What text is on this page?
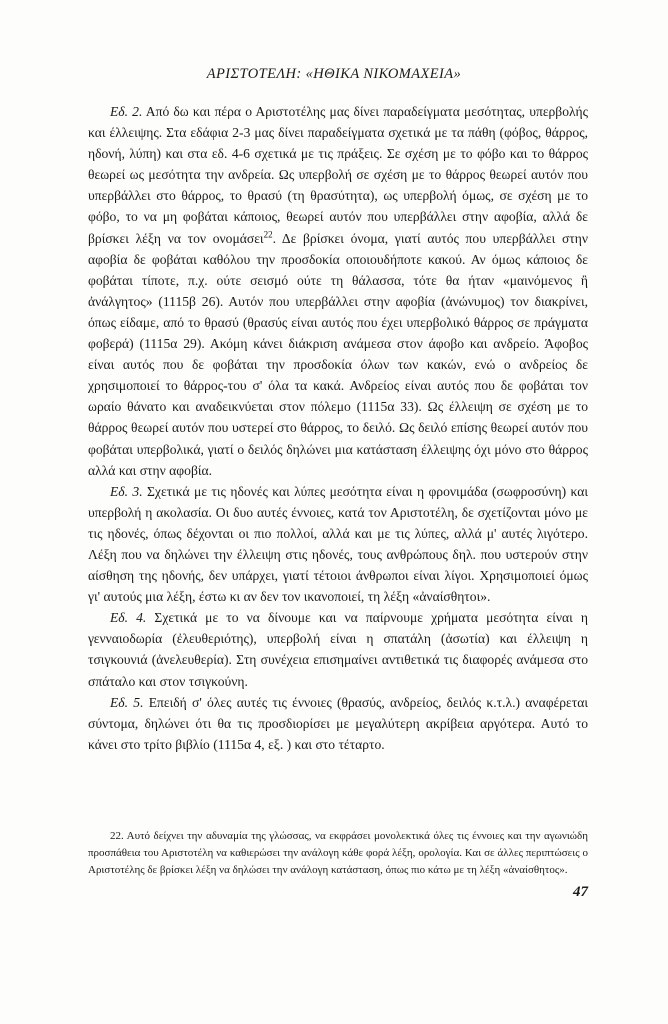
ΑΡΙΣΤΟΤΕΛΗ: «ΗΘΙΚΑ ΝΙΚΟΜΑΧΕΙΑ»

Εδ. 2. Από δω και πέρα ο Αριστοτέλης μας δίνει παραδείγματα μεσότητας, υπερβολής και έλλειψης. Στα εδάφια 2-3 μας δίνει παραδείγματα σχετικά με τα πάθη (φόβος, θάρρος, ηδονή, λύπη) και στα εδ. 4-6 σχετικά με τις πράξεις. Σε σχέση με το φόβο και το θάρρος θεωρεί ως μεσότητα την ανδρεία. Ως υπερβολή σε σχέση με το θάρρος θεωρεί αυτόν που υπερβάλλει στο θάρρος, το θρασύ (τη θρασύτητα), ως υπερβολή όμως, σε σχέση με το φόβο, το να μη φοβάται κάποιος, θεωρεί αυτόν που υπερβάλλει στην αφοβία, αλλά δε βρίσκει λέξη να τον ονομάσει$^{22}$. Δε βρίσκει όνομα, γιατί αυτός που υπερβάλλει στην αφοβία δε φοβάται καθόλου την προσδοκία οποιουδήποτε κακού. Αν όμως κάποιος δε φοβάται τίποτε, π.χ. ούτε σεισμό ούτε τη θάλασσα, τότε θα ήταν «μαινόμενος ἢ ἀνάλγητος» (1115β 26). Αυτόν που υπερβάλλει στην αφοβία (ἀνώνυμος) τον διακρίνει, όπως είδαμε, από το θρασύ (θρασύς είναι αυτός που έχει υπερβολικό θάρρος σε πράγματα φοβερά) (1115α 29). Ακόμη κάνει διάκριση ανάμεσα στον άφοβο και ανδρείο. Άφοβος είναι αυτός που δε φοβάται την προσδοκία όλων των κακών, ενώ ο ανδρείος δε χρησιμοποιεί το θάρρος-του σ' όλα τα κακά. Ανδρείος είναι αυτός που δε φοβάται τον ωραίο θάνατο και αναδεικνύεται στον πόλεμο (1115α 33). Ως έλλειψη σε σχέση με το θάρρος θεωρεί αυτόν που υστερεί στο θάρρος, το δειλό. Ως δειλό επίσης θεωρεί αυτόν που φοβάται υπερβολικά, γιατί ο δειλός δηλώνει μια κατάσταση έλλειψης όχι μόνο στο θάρρος αλλά και στην αφοβία.

Εδ. 3. Σχετικά με τις ηδονές και λύπες μεσότητα είναι η φρονιμάδα (σωφροσύνη) και υπερβολή η ακολασία. Οι δυο αυτές έννοιες, κατά τον Αριστοτέλη, δε σχετίζονται μόνο με τις ηδονές, όπως δέχονται οι πιο πολλοί, αλλά και με τις λύπες, αλλά μ' αυτές λιγότερο. Λέξη που να δηλώνει την έλλειψη στις ηδονές, τους ανθρώπους δηλ. που υστερούν στην αίσθηση της ηδονής, δεν υπάρχει, γιατί τέτοιοι άνθρωποι είναι λίγοι. Χρησιμοποιεί όμως γι' αυτούς μια λέξη, έστω κι αν δεν τον ικανοποιεί, τη λέξη «ἀναίσθητοι».

Εδ. 4. Σχετικά με το να δίνουμε και να παίρνουμε χρήματα μεσότητα είναι η γενναιοδωρία (ἐλευθεριότης), υπερβολή είναι η σπατάλη (ἀσωτία) και έλλειψη η τσιγκουνιά (ἀνελευθερία). Στη συνέχεια επισημαίνει αντιθετικά τις διαφορές ανάμεσα στο σπάταλο και στον τσιγκούνη.

Εδ. 5. Επειδή σ' όλες αυτές τις έννοιες (θρασύς, ανδρείος, δειλός κ.τ.λ.) αναφέρεται σύντομα, δηλώνει ότι θα τις προσδιορίσει με μεγαλύτερη ακρίβεια αργότερα. Αυτό το κάνει στο τρίτο βιβλίο (1115α 4, εξ. ) και στο τέταρτο.

22. Αυτό δείχνει την αδυναμία της γλώσσας, να εκφράσει μονολεκτικά όλες τις έννοιες και την αγωνιώδη προσπάθεια του Αριστοτέλη να καθιερώσει την ανάλογη κάθε φορά λέξη, ορολογία. Και σε άλλες περιπτώσεις ο Αριστοτέλης δε βρίσκει λέξη να δηλώσει την ανάλογη κατάσταση, όπως πιο κάτω με τη λέξη «ἀναίσθητος».
47
